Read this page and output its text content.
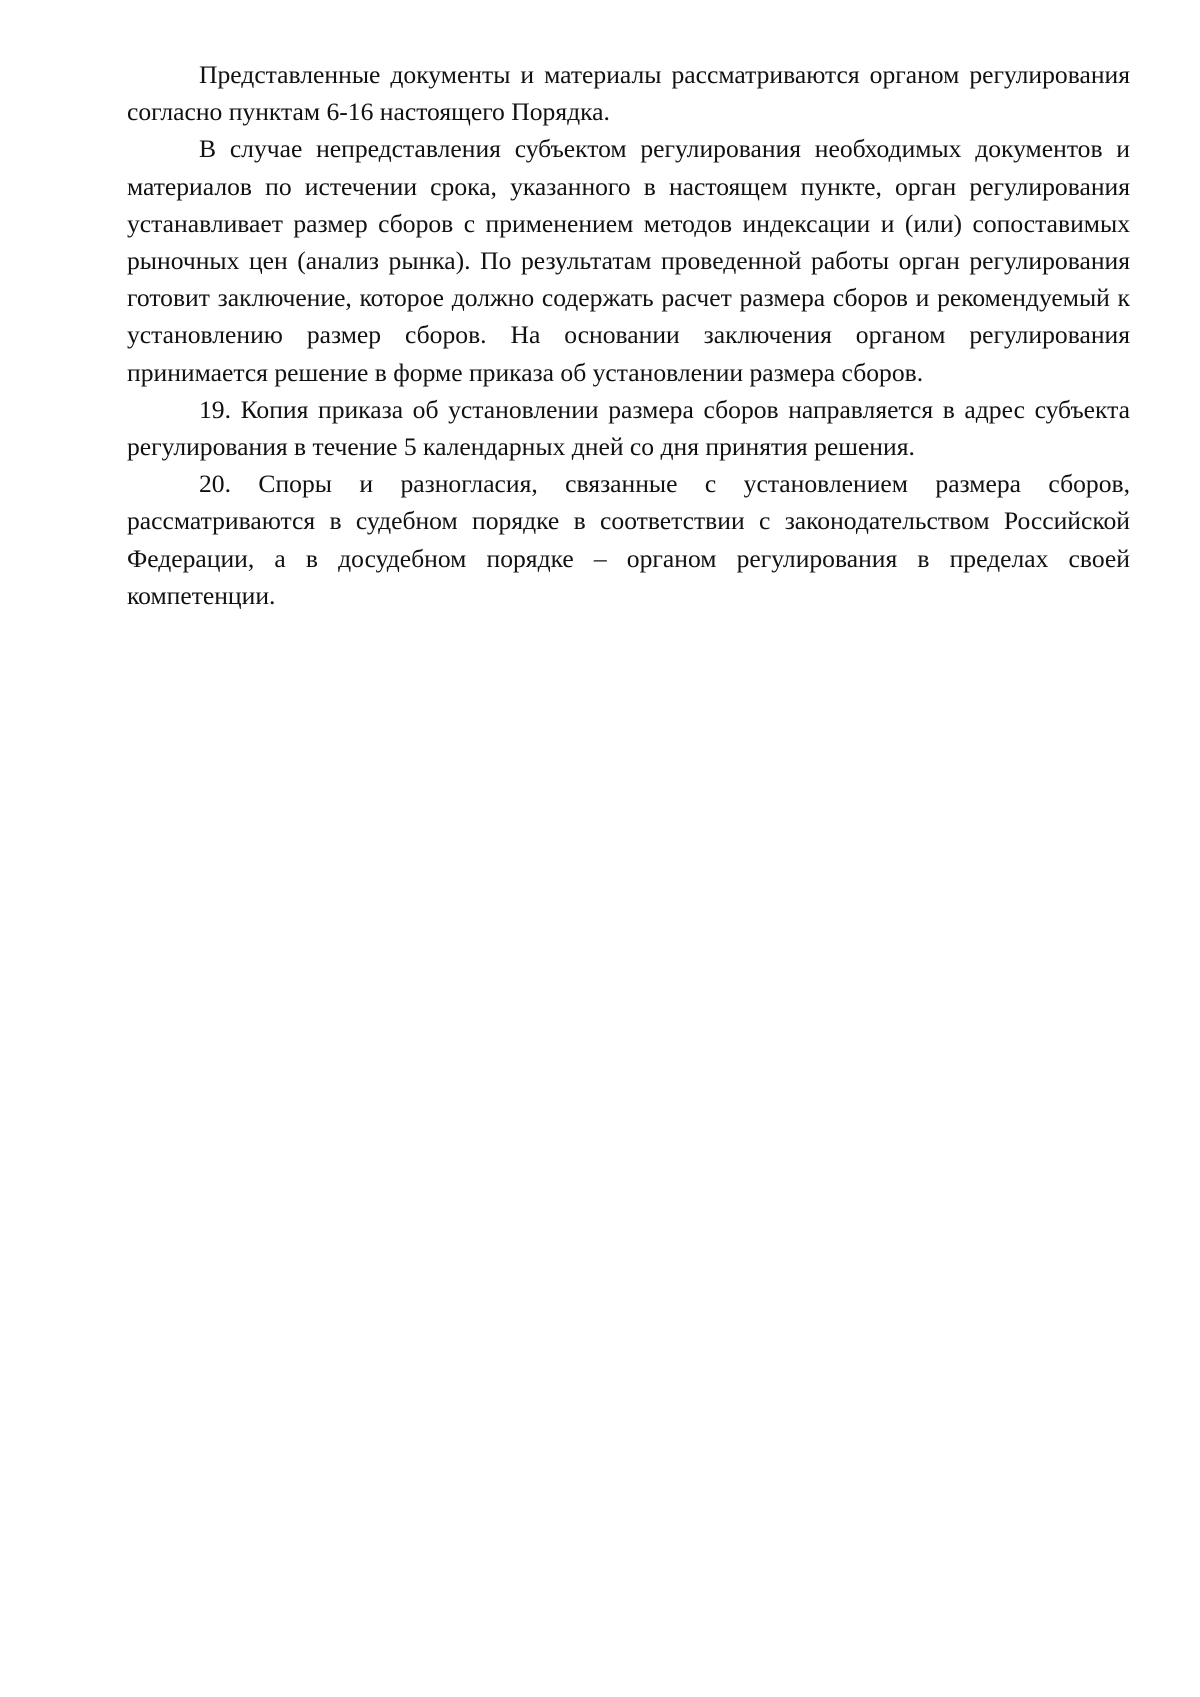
Представленные документы и материалы рассматриваются органом регулирования согласно пунктам 6-16 настоящего Порядка.

В случае непредставления субъектом регулирования необходимых документов и материалов по истечении срока, указанного в настоящем пункте, орган регулирования устанавливает размер сборов с применением методов индексации и (или) сопоставимых рыночных цен (анализ рынка). По результатам проведенной работы орган регулирования готовит заключение, которое должно содержать расчет размера сборов и рекомендуемый к установлению размер сборов. На основании заключения органом регулирования принимается решение в форме приказа об установлении размера сборов.

19. Копия приказа об установлении размера сборов направляется в адрес субъекта регулирования в течение 5 календарных дней со дня принятия решения.

20. Споры и разногласия, связанные с установлением размера сборов, рассматриваются в судебном порядке в соответствии с законодательством Российской Федерации, а в досудебном порядке – органом регулирования в пределах своей компетенции.
